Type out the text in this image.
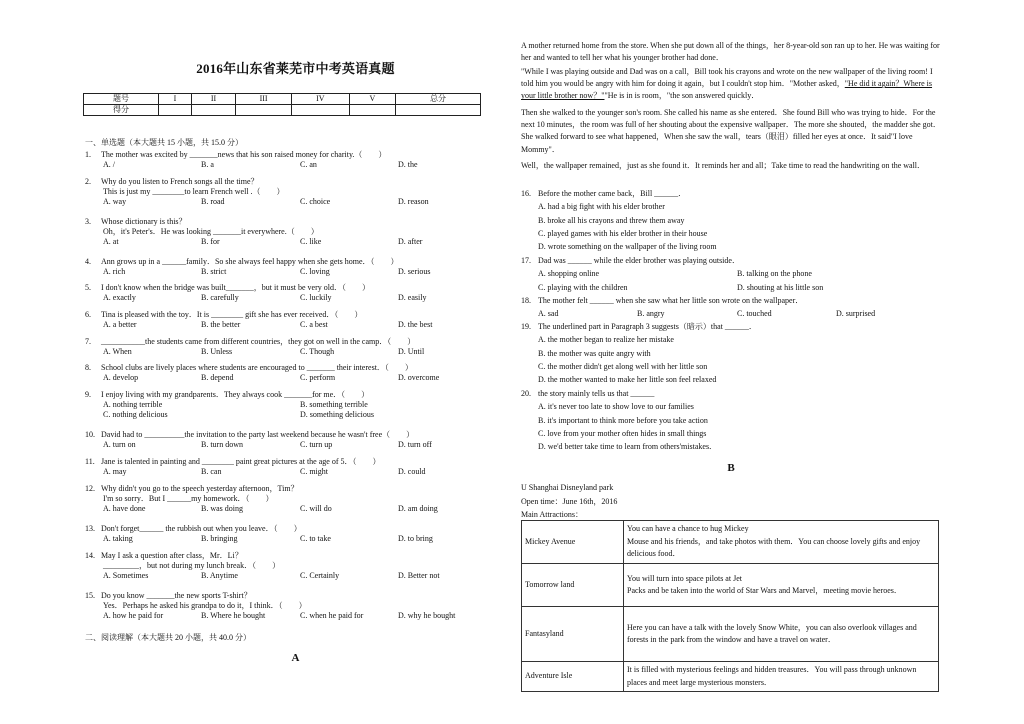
2016年山东省莱芜市中考英语真题
题号	I	II	III	IV	V	总分
得分						
一、单选题（本大题共 15 小题，共 15.0 分）
1. The mother was excited by _______news that his son raised money for charity.（　　）
A. /	B. a	C. an	D. the
2. Why do you listen to French songs all the time？
This is just my ________to learn French well .（　　）
A. way	B. road	C. choice	D. reason
3. Whose dictionary is this？
Oh，it's Peter's．He was looking _______it everywhere.（　　）
A. at	B. for	C. like	D. after
4. Ann grows up in a ______family．So she always feel happy when she gets home．（　　）
A. rich	B. strict	C. loving	D. serious
5. I don't know when the bridge was built_______，but it must be very old．（　　）
A. exactly	B. carefully	C. luckily	D. easily
6. Tina is pleased with the toy．It is ________ gift she has ever received．（　　）
A. a better	B. the better	C. a best	D. the best
7. ___________the students came from different countries，they got on well in the camp．（　　）
A. When	B. Unless	C. Though	D. Until
8. School clubs are lively places where students are encouraged to _______ their interest．（　　）
A. develop	B. depend	C. perform	D. overcome
9. I enjoy living with my grandparents．They always cook _______for me．（　　）
A. nothing terrible	B. something terrible
C. nothing delicious	D. something delicious
10. David had to __________the invitation to the party last weekend because he wasn't free（　　）
A. turn on	B. turn down	C. turn up	D. turn off
11. Jane is talented in painting and ________ paint great pictures at the age of 5．（　　）
A. may	B. can	C. might	D. could
12. Why didn't you go to the speech yesterday afternoon，Tim？
I'm so sorry．But I ______my homework．（　　）
A. have done	B. was doing	C. will do	D. am doing
13. Don't forget______ the rubbish out when you leave．（　　）
A. taking	B. bringing	C. to take	D. to bring
14. May I ask a question after class，Mr．Li？
_________，but not during my lunch break．（　　）
A. Sometimes	B. Anytime	C. Certainly	D. Better not
15. Do you know _______the new sports T-shirt？
Yes．Perhaps he asked his grandpa to do it，I think．（　　）
A. how he paid for	B. Where he bought	C. when he paid for	D. why he bought
二、阅读理解（本大题共 20 小题，共 40.0 分）
A
A mother returned home from the store. When she put down all of the things，her 8-year-old son ran up to her. He was waiting for her and wanted to tell her what his younger brother had done．
"While I was playing outside and Dad was on a call，Bill took his crayons and wrote on the new wallpaper of the living room! I told him you would be angry with him for doing it again，but I couldn't stop him．"Mother asked，"He did it again？Where is your little brother now？""He is in is room，"the son answered quickly．
Then she walked to the younger son's room. She called his name as she entered．She found Bill who was trying to hide．For the next 10 minutes，the room was full of her shouting about the expensive wallpaper．The more she shouted，the madder she got．She walked forward to see what happened，When she saw the wall，tears（眼泪）filled her eyes at once．It said"I love Mommy"．
Well，the wallpaper remained，just as she found it．It reminds her and all；Take time to read the handwriting on the wall．
16. Before the mother came back，Bill ______．
A. had a big fight with his elder brother
B. broke all his crayons and threw them away
C. played games with his elder brother in their house
D. wrote something on the wallpaper of the living room
17. Dad was ______ while the elder brother was playing outside．
A. shopping online	B. talking on the phone
C. playing with the children	D. shouting at his little son
18. The mother felt ______ when she saw what her little son wrote on the wallpaper．
A. sad	B. angry	C. touched	D. surprised
19. The underlined part in Paragraph 3 suggests（暗示）that ______．
A. the mother began to realize her mistake
B. the mother was quite angry with
C. the mother didn't get along well with her little son
D. the mother wanted to make her little son feel relaxed
20. the story mainly tells us that ______
A. it's never too late to show love to our families
B. it's important to think more before you take action
C. love from your mother often hides in small things
D. we'd better take time to learn from others'mistakes．
B
U Shanghai Disneyland park
Open time：June 16th，2016
Main Attractions：
Mickey Avenue	You can have a chance to hug Mickey
Mouse and his friends，and take photos with them．You can choose lovely gifts and enjoy delicious food．

Tomorrow land	You will turn into space pilots at Jet
Packs and be taken into the world of Star Wars and Marvel，meeting movie heroes．

Fantasyland	Here you can have a talk with the lovely Snow White，you can also overlook villages and forests in the park from the window and have a travel on water．

Adventure Isle	It is filled with mysterious feelings and hidden treasures．You will pass through unknown places and meet large mysterious monsters．
